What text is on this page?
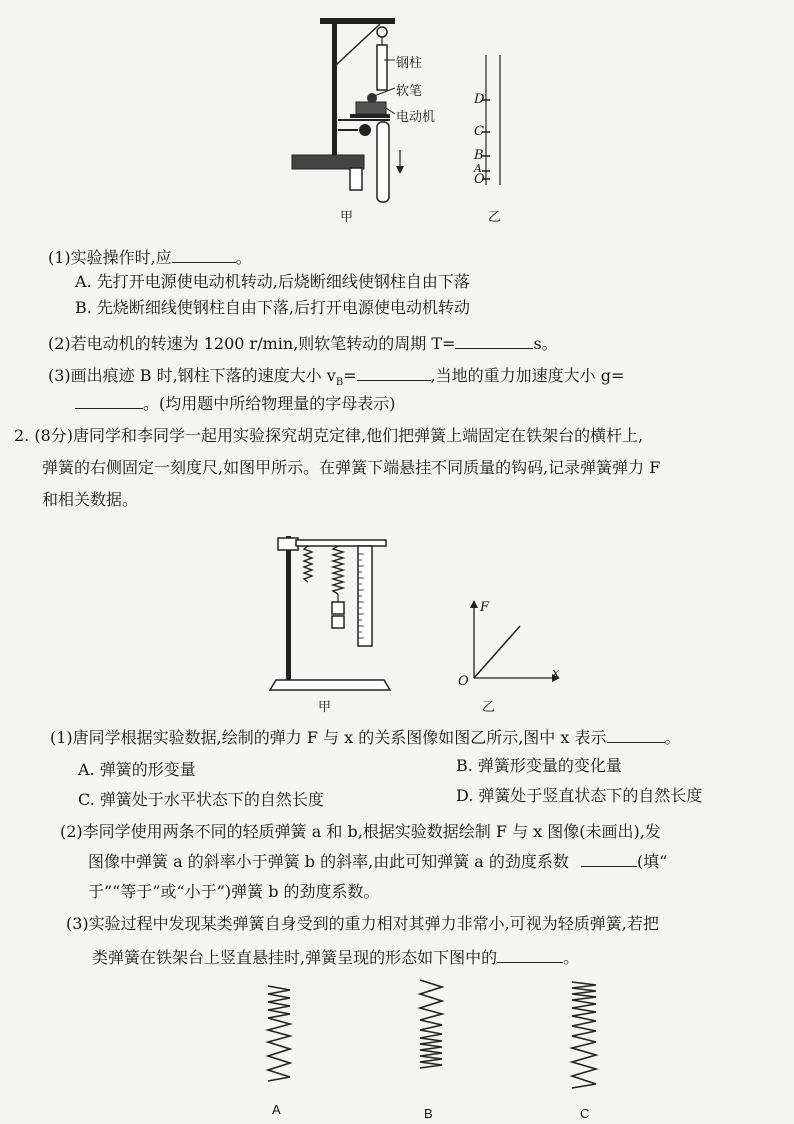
钢柱
软笔
电动机
甲
D
C
B
A
O
乙
(1)实验操作时,应	。
A. 先打开电源使电动机转动,后烧断细线使钢柱自由下落
B. 先烧断细线使钢柱自由下落,后打开电源使电动机转动
(2)若电动机的转速为 1200 r/min,则软笔转动的周期 T=	s。
(3)画出痕迹 B 时,钢柱下落的速度大小 $v_B=$	,当地的重力加速度大小 g=
。(均用题中所给物理量的字母表示)
2. (8分)唐同学和李同学一起用实验探究胡克定律,他们把弹簧上端固定在铁架台的横杆上,
弹簧的右侧固定一刻度尺,如图甲所示。在弹簧下端悬挂不同质量的钩码,记录弹簧弹力 F
和相关数据。
甲
F
x
O
乙
(1)唐同学根据实验数据,绘制的弹力 F 与 x 的关系图像如图乙所示,图中 x 表示	。
A. 弹簧的形变量	B. 弹簧形变量的变化量
C. 弹簧处于水平状态下的自然长度	D. 弹簧处于竖直状态下的自然长度
(2)李同学使用两条不同的轻质弹簧 a 和 b,根据实验数据绘制 F 与 x 图像(未画出),发
图像中弹簧 a 的斜率小于弹簧 b 的斜率,由此可知弹簧 a 的劲度系数	(填“
于”“等于”或“小于”)弹簧 b 的劲度系数。
(3)实验过程中发现某类弹簧自身受到的重力相对其弹力非常小,可视为轻质弹簧,若把
类弹簧在铁架台上竖直悬挂时,弹簧呈现的形态如下图中的	。
A	B	C
